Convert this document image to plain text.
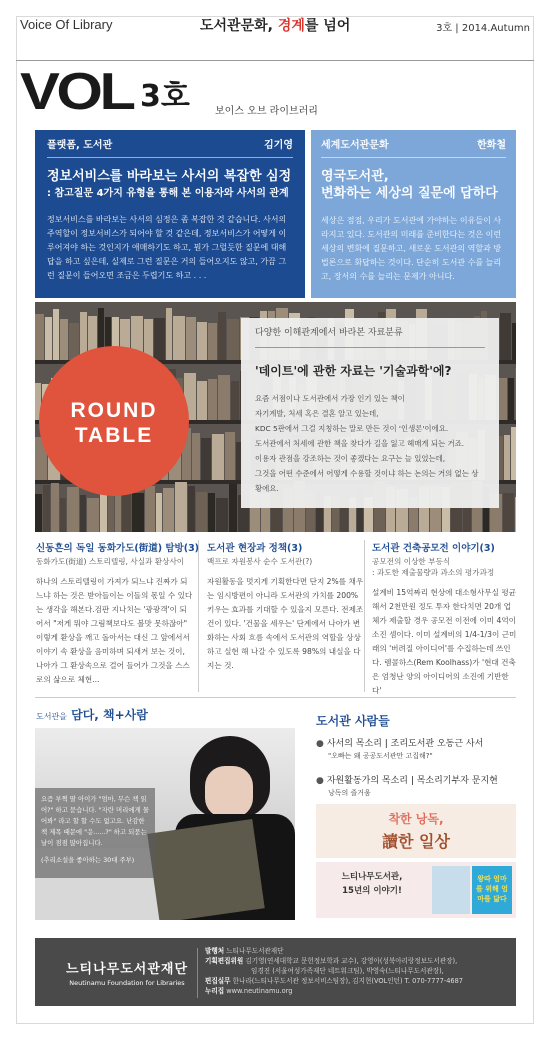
Voice Of Library	도서관문화, 경계를 넘어	3호 | 2014.Autumn
VOL 3호	보이스 오브 라이브러리
플랫폼, 도서관	김기영
정보서비스를 바라보는 사서의 복잡한 심정
: 참고질문 4가지 유형을 통해 본 이용자와 사서의 관계
정보서비스를 바라보는 사서의 심정은 좀 복잡한 것 같습니다. 사서의 주역할이 정보서비스가 되어야 할 것 같은데, 정보서비스가 어떻게 이루어져야 하는 것인지가 애매하기도 하고, 뭔가 그럴듯한 질문에 대해 답을 하고 싶은데, 실제로 그런 질문은 거의 들어오지도 않고, 가끔 그런 질문이 들어오면 조금은 두렵기도 하고 . . .
세계도서관문화	한화철
영국도서관,
변화하는 세상의 질문에 답하다
세상은 점점, 우리가 도서관에 가야하는 이유들이 사라지고 있다. 도서관의 미래를 준비한다는 것은 이런 세상의 변화에 질문하고, 새로운 도서관의 역할과 방법론으로 화답하는 것이다. 단순히 도서관 수를 늘리고, 장서의 수를 늘리는 문제가 아니다.
ROUND
TABLE
다양한 이해관계에서 바라본 자료분류
'데이트'에 관한 자료는 '기술과학'에?
요즘 서점이나 도서관에서 가장 인기 있는 책이
자기계발, 처세 혹은 결혼 알고 있는데,
KDC 5판에서 그걸 지칭하는 말로 만든 것이 '인생론'이에요.
도서관에서 처세에 관한 책을 찾다가 길을 잃고 헤매게 되는 거죠.
이용자 관점을 강조하는 것이 좋겠다는 요구는 늘 있었는데,
그것을 어떤 수준에서 어떻게 수용할 것이냐 하는 논의는 거의 없는 상황에요.
신동흔의 독일 동화가도(街道) 탐방(3)
동화가도(街道) 스토리텔링, 사실과 환상사이
하나의 스토리텔링이 가져가 되느냐 진짜가 되느냐 하는 것은 받아들이는 이들의 몫일 수 있다는 생각을 해본다.검판 지나치는 '광광객'이 되어서 "저게 뭐야 그림책보다도 볼맛 못하잖아" 이렇게 환상을 깨고 돌아서는 대신 그 앞에서서 이야기 속 환상을 음미하며 되새겨 보는 것이, 나아가 그 환상속으로 걸어 들어가 그것을 스스로의 삶으로 체현...
도서관 현장과 정책(3)
백프로 자원봉사 순수 도서관(?)
자원활동을 멋지게 기획한다면 단지 2%를 채우는 임시방편이 아니라 도서관의 가치를 200% 키우는 효과를 기대할 수 있을지 모른다. 전제조건이 있다. '건물을 세우는' 단계에서 나아가 변화하는 사회 흐름 속에서 도서관의 역할을 상상하고 실현 해 나갈 수 있도록 98%의 내실을 다지는 것.
도서관 건축공모전 이야기(3)
공모전의 이상한 부등식
: 과도한 제출물량과 과소의 평가과정
설계비 15억짜리 현상에 대소형사무실 평균해서 2천만원 정도 투자 한다치면 20개 업체가 제출할 경우 공모전 이전에 이미 4억이 소진 셈이다. 이미 설계비의 1/4-1/3이 근미래의 '버려질 아이디어'를 수집하는데 쓰인다. 렘콜하스(Rem Koolhass)가 '현대 건축은 엄청난 양의 아이디어의 소진에 기반한다'
도서관을 담다, 책+사람
요즘 부쩍 딸 아이가 "엄마, 무슨 책 읽어?" 하고 묻습니다. "자란 머리에게 물어봐" 라고 할 할 수도 없고요. 난감한 책 제목 때문에 "응......?" 하고 되묻는 날이 점점 많아집니다.
(추리소설을 좋아하는 30대 주부)
도서관 사람들
● 사서의 목소리 | 조리도서관 오동근 사서
"오빠는 왜 공공도서관만 고집해?"
● 자원활동가의 목소리 | 목소리기부자 문지현
낭독의 즐거움
착한 낭독,
讀한 일상
느티나무도서관,
15년의 이야기!
왕따 엄마를 위해 엄마를 닮다
느티나무도서관재단
Neutinamu Foundation for Libraries
발행처 느티나무도서관재단
기획편집위원 김기영(연세대학교 문헌정보학과 교수), 강영아(성북아리랑정보도서관장),
임경진 (서울여성가족재단 네트워크팀), 박영숙(느티나무도서관장),
편집실무 한나라(느티나무도서관 정보서비스팀장), 김지현(VOL인턴) T. 070-7777-4687
누리집 www.neutinamu.org
